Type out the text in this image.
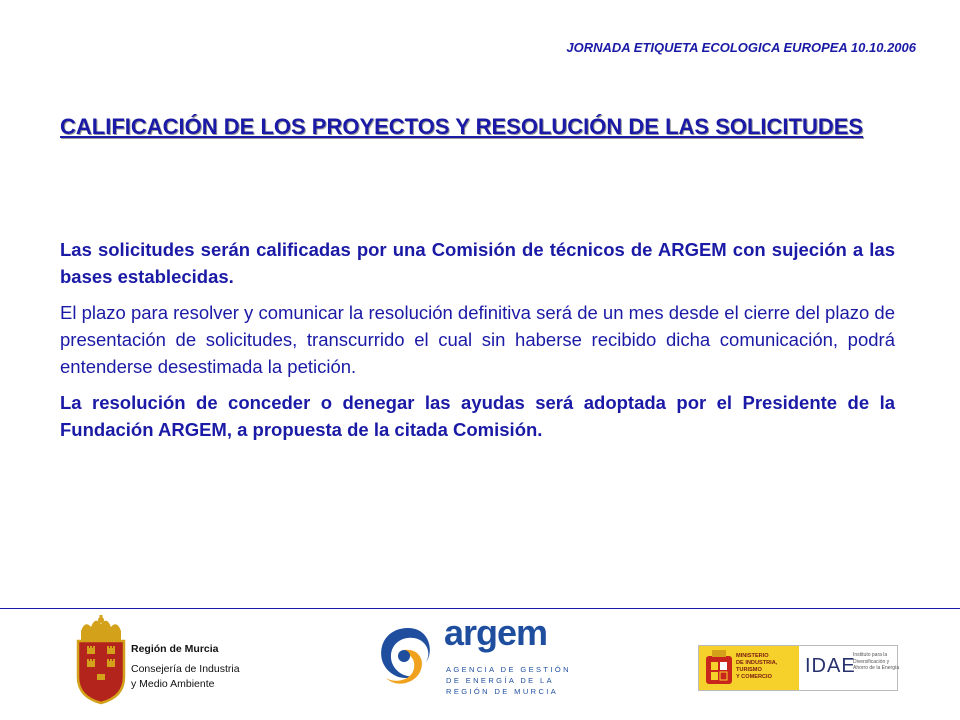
JORNADA ETIQUETA ECOLOGICA EUROPEA 10.10.2006
CALIFICACIÓN DE LOS PROYECTOS Y RESOLUCIÓN DE LAS SOLICITUDES

Las solicitudes serán calificadas por una Comisión de técnicos de ARGEM con sujeción a las bases establecidas.

El plazo para resolver y comunicar la resolución definitiva será de un mes desde el cierre del plazo de presentación de solicitudes, transcurrido el cual sin haberse recibido dicha comunicación, podrá entenderse desestimada la petición.

La resolución de conceder o denegar las ayudas será adoptada por el Presidente de la Fundación ARGEM, a propuesta de la citada Comisión.

Región de Murcia
Consejería de Industria
y Medio Ambiente
argem
AGENCIA DE GESTIÓN
DE ENERGÍA DE LA
REGIÓN DE MURCIA
MINISTERIO
DE INDUSTRIA, TURISMO
Y COMERCIO	IDAE
Instituto para la
Diversificación y
Ahorro de la Energía
